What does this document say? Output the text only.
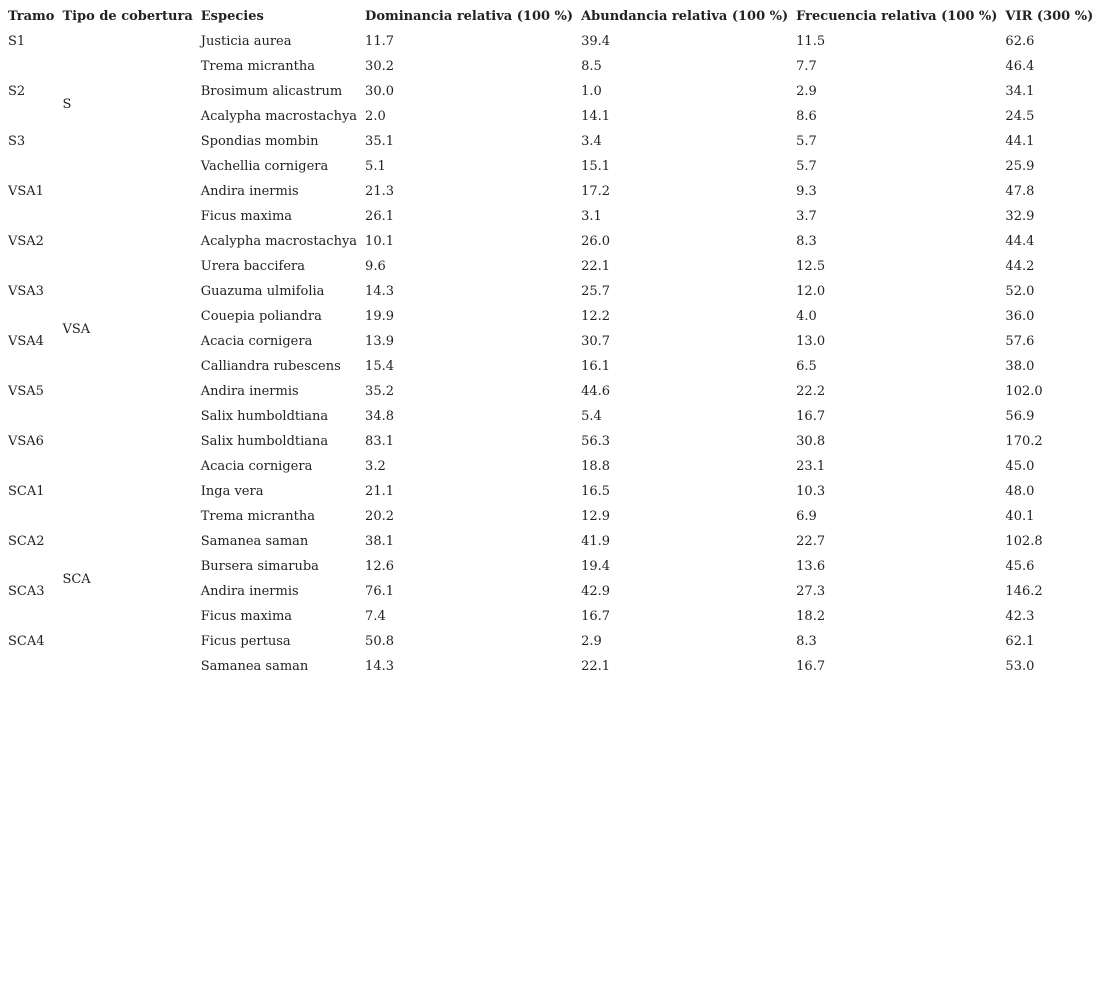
Tramo	Tipo de cobertura	Especies	Dominancia relativa (100 %)	Abundancia relativa (100 %)	Frecuencia relativa (100 %)	VIR (300 %)
S1	S	Justicia aurea	11.7	39.4	11.5	62.6
		Trema micrantha	30.2	8.5	7.7	46.4
S2		Brosimum alicastrum	30.0	1.0	2.9	34.1
		Acalypha macrostachya	2.0	14.1	8.6	24.5
S3		Spondias mombin	35.1	3.4	5.7	44.1
		Vachellia cornigera	5.1	15.1	5.7	25.9
VSA1	VSA	Andira inermis	21.3	17.2	9.3	47.8
		Ficus maxima	26.1	3.1	3.7	32.9
VSA2		Acalypha macrostachya	10.1	26.0	8.3	44.4
		Urera baccifera	9.6	22.1	12.5	44.2
VSA3		Guazuma ulmifolia	14.3	25.7	12.0	52.0
		Couepia poliandra	19.9	12.2	4.0	36.0
VSA4		Acacia cornigera	13.9	30.7	13.0	57.6
		Calliandra rubescens	15.4	16.1	6.5	38.0
VSA5		Andira inermis	35.2	44.6	22.2	102.0
		Salix humboldtiana	34.8	5.4	16.7	56.9
VSA6		Salix humboldtiana	83.1	56.3	30.8	170.2
		Acacia cornigera	3.2	18.8	23.1	45.0
SCA1	SCA	Inga vera	21.1	16.5	10.3	48.0
		Trema micrantha	20.2	12.9	6.9	40.1
SCA2		Samanea saman	38.1	41.9	22.7	102.8
		Bursera simaruba	12.6	19.4	13.6	45.6
SCA3		Andira inermis	76.1	42.9	27.3	146.2
		Ficus maxima	7.4	16.7	18.2	42.3
SCA4		Ficus pertusa	50.8	2.9	8.3	62.1
		Samanea saman	14.3	22.1	16.7	53.0
